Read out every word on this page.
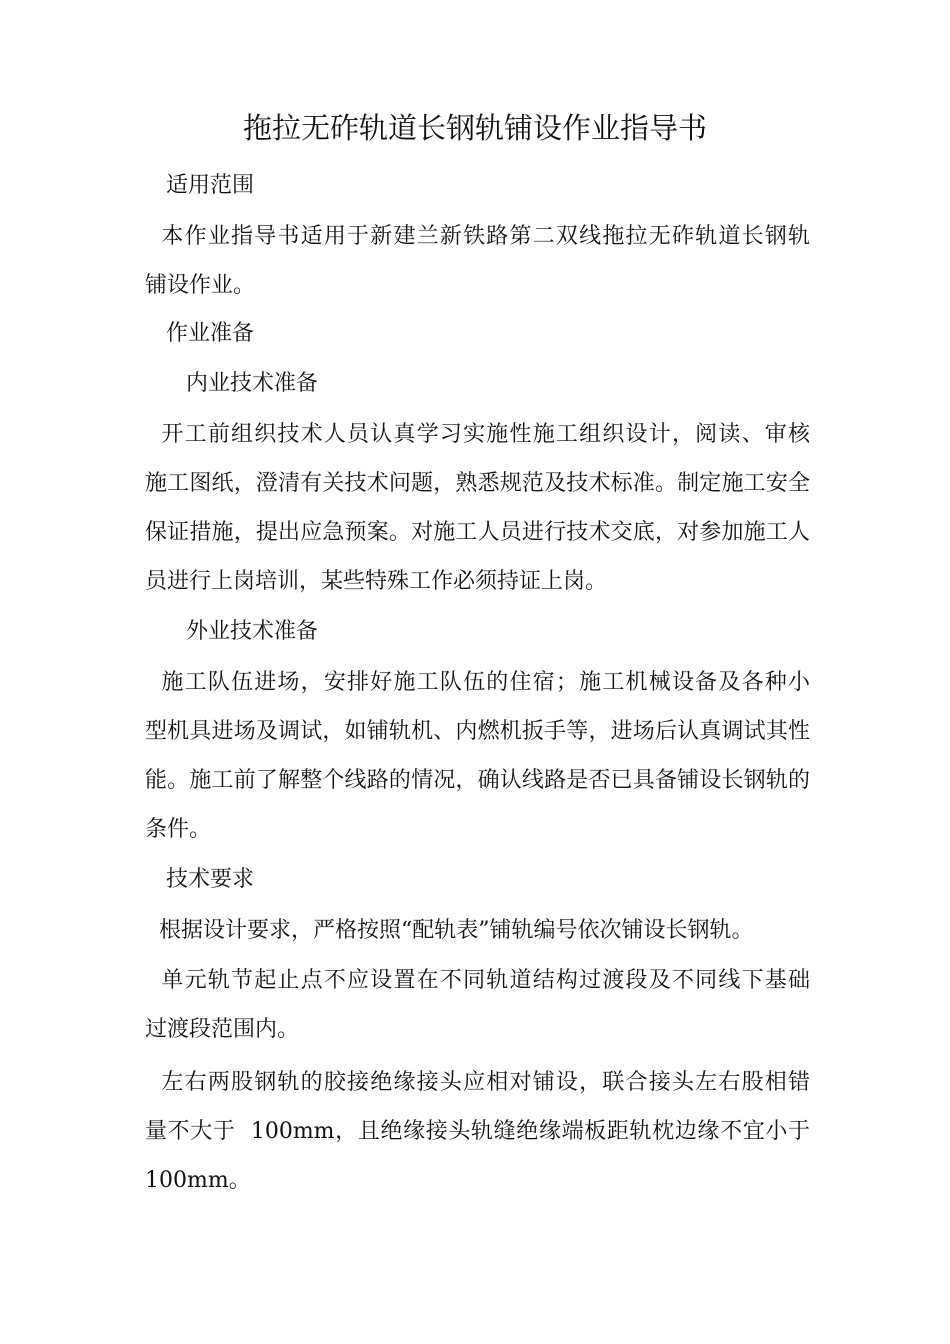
拖拉无砟轨道长钢轨铺设作业指导书

适用范围

本作业指导书适用于新建兰新铁路第二双线拖拉无砟轨道长钢轨
铺设作业。

作业准备

内业技术准备

开工前组织技术人员认真学习实施性施工组织设计，阅读、审核
施工图纸，澄清有关技术问题，熟悉规范及技术标准。制定施工安全
保证措施，提出应急预案。对施工人员进行技术交底，对参加施工人
员进行上岗培训，某些特殊工作必须持证上岗。

外业技术准备

施工队伍进场，安排好施工队伍的住宿；施工机械设备及各种小
型机具进场及调试，如铺轨机、内燃机扳手等，进场后认真调试其性
能。施工前了解整个线路的情况，确认线路是否已具备铺设长钢轨的
条件。

技术要求

根据设计要求，严格按照“配轨表”铺轨编号依次铺设长钢轨。
单元轨节起止点不应设置在不同轨道结构过渡段及不同线下基础
过渡段范围内。
左右两股钢轨的胶接绝缘接头应相对铺设，联合接头左右股相错
量不大于  100mm，且绝缘接头轨缝绝缘端板距轨枕边缘不宜小于
100mm。
